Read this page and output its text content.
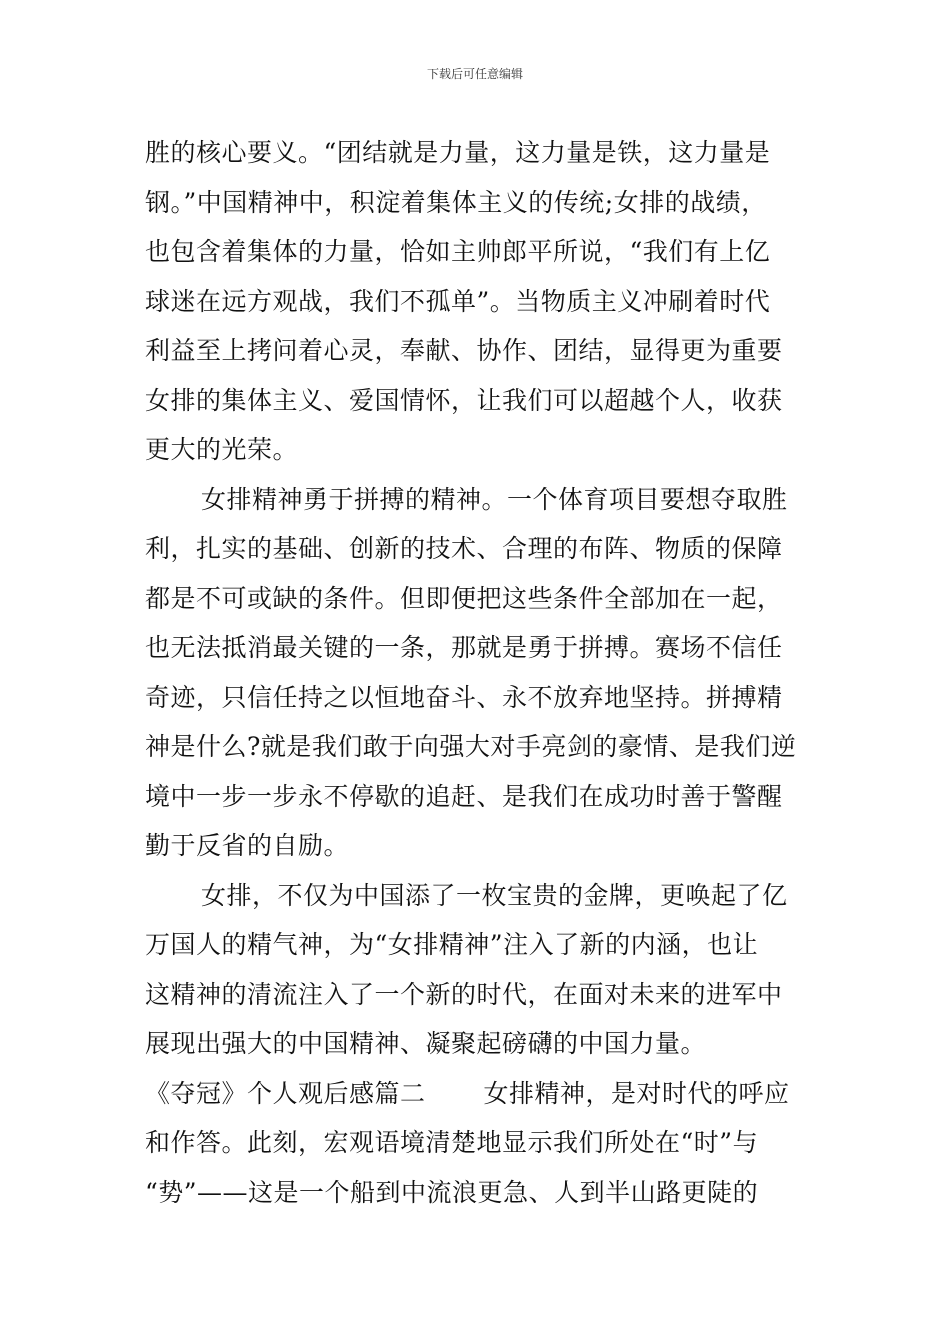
下载后可任意编辑
胜的核心要义。“团结就是力量，这力量是铁，这力量是
钢。”中国精神中，积淀着集体主义的传统;女排的战绩，
也包含着集体的力量，恰如主帅郎平所说，“我们有上亿
球迷在远方观战，我们不孤单”。当物质主义冲刷着时代
利益至上拷问着心灵，奉献、协作、团结，显得更为重要
女排的集体主义、爱国情怀，让我们可以超越个人，收获
更大的光荣。
女排精神勇于拼搏的精神。一个体育项目要想夺取胜
利，扎实的基础、创新的技术、合理的布阵、物质的保障
都是不可或缺的条件。但即便把这些条件全部加在一起，
也无法抵消最关键的一条，那就是勇于拼搏。赛场不信任
奇迹，只信任持之以恒地奋斗、永不放弃地坚持。拼搏精
神是什么?就是我们敢于向强大对手亮剑的豪情、是我们逆
境中一步一步永不停歇的追赶、是我们在成功时善于警醒
勤于反省的自励。
女排，不仅为中国添了一枚宝贵的金牌，更唤起了亿
万国人的精气神，为“女排精神”注入了新的内涵，也让
这精神的清流注入了一个新的时代，在面对未来的进军中
展现出强大的中国精神、凝聚起磅礴的中国力量。
《夺冠》个人观后感篇二 女排精神，是对时代的呼应
和作答。此刻，宏观语境清楚地显示我们所处在“时”与
“势”——这是一个船到中流浪更急、人到半山路更陡的
